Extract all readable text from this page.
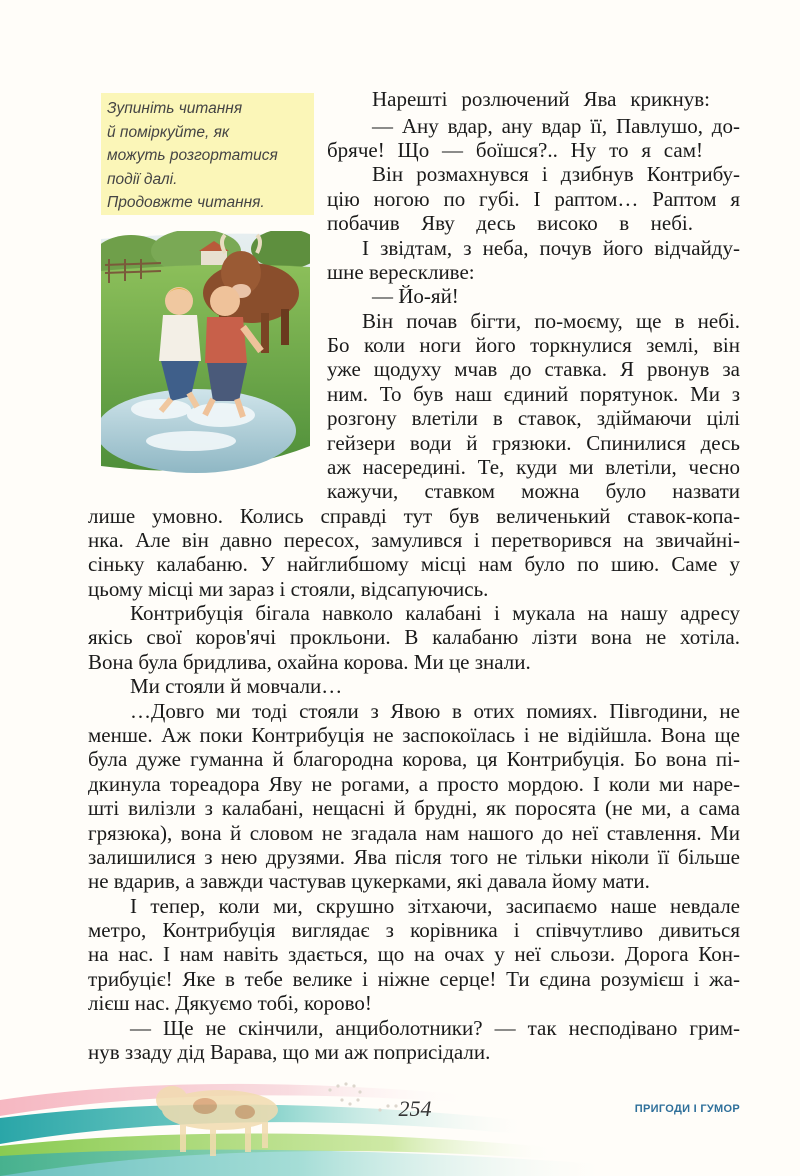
Зупиніть читання
й поміркуйте, як
можуть розгортатися
події далі.
Продовжте читання.
Нарешті розлючений Ява крикнув:
— Ану вдар, ану вдар її, Павлушо, до-
бряче! Що — боїшся?.. Ну то я сам!
Він розмахнувся і дзибнув Контрибу-
цію ногою по губі. І раптом… Раптом я
побачив Яву десь високо в небі.
І звідтам, з неба, почув його відчайду-
шне верескливе:
— Йо-яй!
Він почав бігти, по-моєму, ще в небі.
Бо коли ноги його торкнулися землі, він
уже щодуху мчав до ставка. Я рвонув за
ним. То був наш єдиний порятунок. Ми з
розгону влетіли в ставок, здіймаючи цілі
гейзери води й грязюки. Спинилися десь
аж насередині. Те, куди ми влетіли, чесно
кажучи, ставком можна було назвати
лише умовно. Колись справді тут був величенький ставок-копа-
нка. Але він давно пересох, замулився і перетворився на звичайні-
сіньку калабаню. У найглибшому місці нам було по шию. Саме у
цьому місці ми зараз і стояли, відсапуючись.
Контрибуція бігала навколо калабані і мукала на нашу адресу
якісь свої коров'ячі прокльони. В калабаню лізти вона не хотіла.
Вона була бридлива, охайна корова. Ми це знали.
Ми стояли й мовчали…
…Довго ми тоді стояли з Явою в отих помиях. Півгодини, не
менше. Аж поки Контрибуція не заспокоїлась і не відійшла. Вона ще
була дуже гуманна й благородна корова, ця Контрибуція. Бо вона пі-
дкинула тореадора Яву не рогами, а просто мордою. І коли ми наре-
шті вилізли з калабані, нещасні й брудні, як поросята (не ми, а сама
грязюка), вона й словом не згадала нам нашого до неї ставлення. Ми
залишилися з нею друзями. Ява після того не тільки ніколи її більше
не вдарив, а завжди частував цукерками, які давала йому мати.
І тепер, коли ми, скрушно зітхаючи, засипаємо наше невдале
метро, Контрибуція виглядає з корівника і співчутливо дивиться
на нас. І нам навіть здається, що на очах у неї сльози. Дорога Кон-
трибуціє! Яке в тебе велике і ніжне серце! Ти єдина розумієш і жа-
лієш нас. Дякуємо тобі, корово!
— Ще не скінчили, анциболотники? — так несподівано грим-
нув ззаду дід Варава, що ми аж поприсідали.
254	ПРИГОДИ І ГУМОР
